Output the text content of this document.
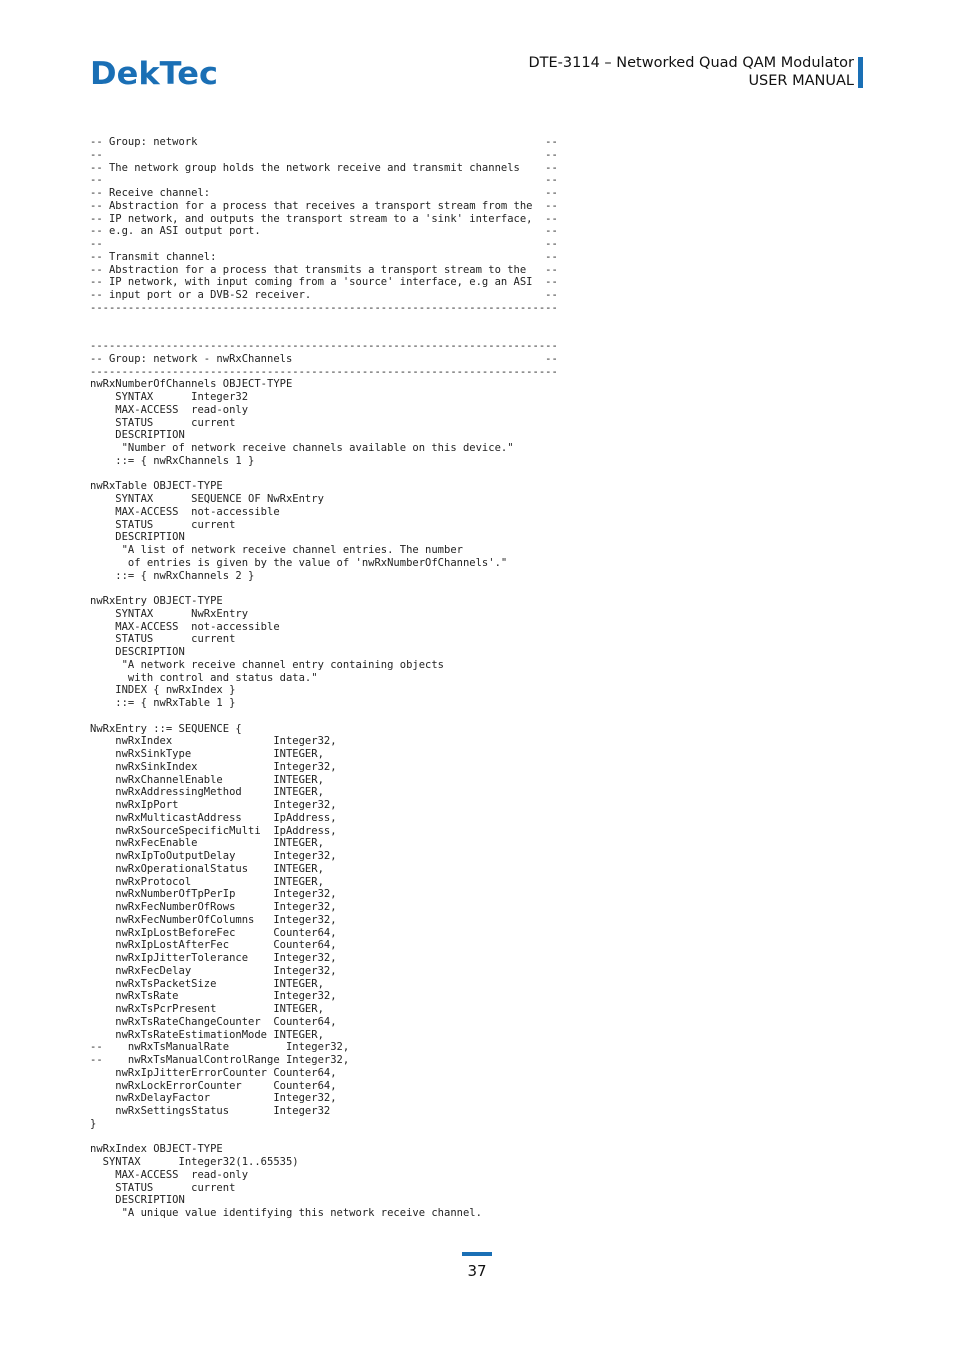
DekTec	DTE-3114 – Networked Quad QAM Modulator
USER MANUAL
-- Group: network                                                       --
--                                                                      --
-- The network group holds the network receive and transmit channels    --
--                                                                      --
-- Receive channel:                                                     --
-- Abstraction for a process that receives a transport stream from the  --
-- IP network, and outputs the transport stream to a 'sink' interface,  --
-- e.g. an ASI output port.                                             --
--                                                                      --
-- Transmit channel:                                                    --
-- Abstraction for a process that transmits a transport stream to the   --
-- IP network, with input coming from a 'source' interface, e.g an ASI  --
-- input port or a DVB-S2 receiver.                                     --
--------------------------------------------------------------------------
--------------------------------------------------------------------------
-- Group: network - nwRxChannels                                        --
--------------------------------------------------------------------------
nwRxNumberOfChannels OBJECT-TYPE
SYNTAX      Integer32
MAX-ACCESS  read-only
STATUS      current
DESCRIPTION
"Number of network receive channels available on this device."
::= { nwRxChannels 1 }
nwRxTable OBJECT-TYPE
SYNTAX      SEQUENCE OF NwRxEntry
MAX-ACCESS  not-accessible
STATUS      current
DESCRIPTION
"A list of network receive channel entries. The number
of entries is given by the value of 'nwRxNumberOfChannels'."
::= { nwRxChannels 2 }
nwRxEntry OBJECT-TYPE
SYNTAX      NwRxEntry
MAX-ACCESS  not-accessible
STATUS      current
DESCRIPTION
"A network receive channel entry containing objects
with control and status data."
INDEX { nwRxIndex }
::= { nwRxTable 1 }
NwRxEntry ::= SEQUENCE {
nwRxIndex                Integer32,
nwRxSinkType             INTEGER,
nwRxSinkIndex            Integer32,
nwRxChannelEnable        INTEGER,
nwRxAddressingMethod     INTEGER,
nwRxIpPort               Integer32,
nwRxMulticastAddress     IpAddress,
nwRxSourceSpecificMulti  IpAddress,
nwRxFecEnable            INTEGER,
nwRxIpToOutputDelay      Integer32,
nwRxOperationalStatus    INTEGER,
nwRxProtocol             INTEGER,
nwRxNumberOfTpPerIp      Integer32,
nwRxFecNumberOfRows      Integer32,
nwRxFecNumberOfColumns   Integer32,
nwRxIpLostBeforeFec      Counter64,
nwRxIpLostAfterFec       Counter64,
nwRxIpJitterTolerance    Integer32,
nwRxFecDelay             Integer32,
nwRxTsPacketSize         INTEGER,
nwRxTsRate               Integer32,
nwRxTsPcrPresent         INTEGER,
nwRxTsRateChangeCounter  Counter64,
nwRxTsRateEstimationMode INTEGER,
--    nwRxTsManualRate         Integer32,
--    nwRxTsManualControlRange Integer32,
nwRxIpJitterErrorCounter Counter64,
nwRxLockErrorCounter     Counter64,
nwRxDelayFactor          Integer32,
nwRxSettingsStatus       Integer32
}
nwRxIndex OBJECT-TYPE
SYNTAX      Integer32(1..65535)
MAX-ACCESS  read-only
STATUS      current
DESCRIPTION
"A unique value identifying this network receive channel.
37
